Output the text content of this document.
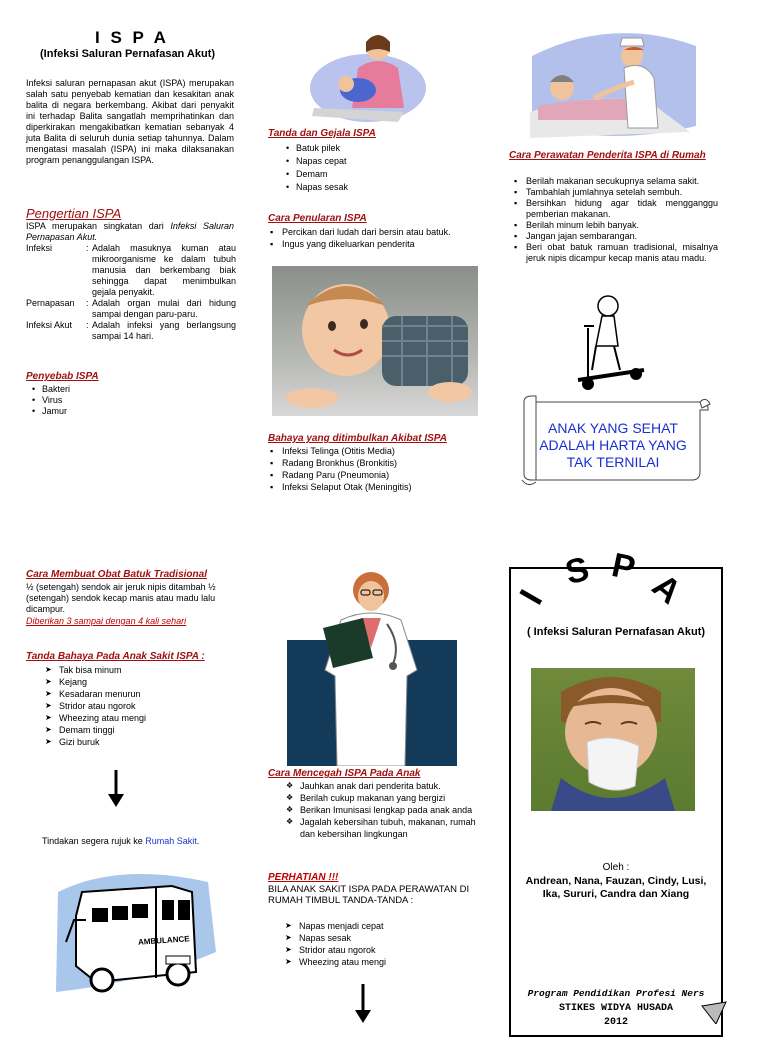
I S P A
(Infeksi Saluran Pernafasan Akut)
Infeksi saluran pernapasan akut (ISPA) merupakan salah satu penyebab kematian dan kesakitan anak balita di negara berkembang. Akibat dari penyakit ini terhadap Balita sangatlah memprihatinkan dan diperkirakan mengakibatkan kematian sebanyak 4 juta Balita di seluruh dunia setiap tahunnya. Dalam mengatasi masalah (ISPA) ini maka dilaksanakan program penanggulangan ISPA.
Pengertian ISPA
ISPA merupakan singkatan dari Infeksi Saluran Pernapasan Akut.
Infeksi	: Adalah masuknya kuman atau mikroorganisme ke dalam tubuh manusia dan berkembang biak sehingga dapat menimbulkan gejala penyakit.
Pernapasan	: Adalah organ mulai dari hidung sampai dengan paru-paru.
Infeksi Akut	: Adalah infeksi yang berlangsung sampai 14 hari.
Penyebab ISPA
• Bakteri
• Virus
• Jamur
Tanda dan Gejala ISPA
• Batuk pilek
• Napas cepat
• Demam
• Napas sesak
Cara Penularan ISPA
▪ Percikan dari ludah dari bersin atau batuk.
▪ Ingus yang dikeluarkan penderita
Bahaya yang ditimbulkan Akibat ISPA
▪ Infeksi Telinga (Otitis Media)
▪ Radang Bronkhus (Bronkitis)
▪ Radang Paru (Pneumonia)
▪ Infeksi Selaput Otak (Meningitis)
Cara Perawatan Penderita ISPA di Rumah
▪ Berilah makanan secukupnya selama sakit.
▪ Tambahlah jumlahnya setelah sembuh.
▪ Bersihkan hidung agar tidak mengganggu pemberian makanan.
▪ Berilah minum lebih banyak.
▪ Jangan jajan sembarangan.
▪ Beri obat batuk ramuan tradisional, misalnya jeruk nipis dicampur kecap manis atau madu.
ANAK YANG SEHAT ADALAH HARTA YANG TAK TERNILAI
Cara Membuat Obat Batuk Tradisional
½ (setengah) sendok air jeruk nipis ditambah ½ (setengah) sendok kecap manis atau madu lalu dicampur.
Diberikan 3 sampai dengan 4 kali sehari
Tanda Bahaya Pada Anak Sakit ISPA :
➤ Tak bisa minum
➤ Kejang
➤ Kesadaran menurun
➤ Stridor atau ngorok
➤ Wheezing atau mengi
➤ Demam tinggi
➤ Gizi buruk
Tindakan segera rujuk ke Rumah Sakit.
AMBULANCE
Cara Mencegah ISPA Pada Anak
❖ Jauhkan anak dari penderita batuk.
❖ Berilah cukup makanan yang bergizi
❖ Berikan Imunisasi lengkap pada anak anda
❖ Jagalah kebersihan tubuh, makanan, rumah dan kebersihan lingkungan
PERHATIAN !!!
BILA ANAK SAKIT ISPA PADA PERAWATAN DI RUMAH TIMBUL TANDA-TANDA :
➤ Napas menjadi cepat
➤ Napas sesak
➤ Stridor atau ngorok
➤ Wheezing atau mengi
I
S P A
( Infeksi Saluran Pernafasan Akut)
Oleh :
Andrean, Nana, Fauzan, Cindy, Lusi,
Ika, Sururi, Candra dan Xiang
Program Pendidikan Profesi Ners
STIKES WIDYA HUSADA
2012
